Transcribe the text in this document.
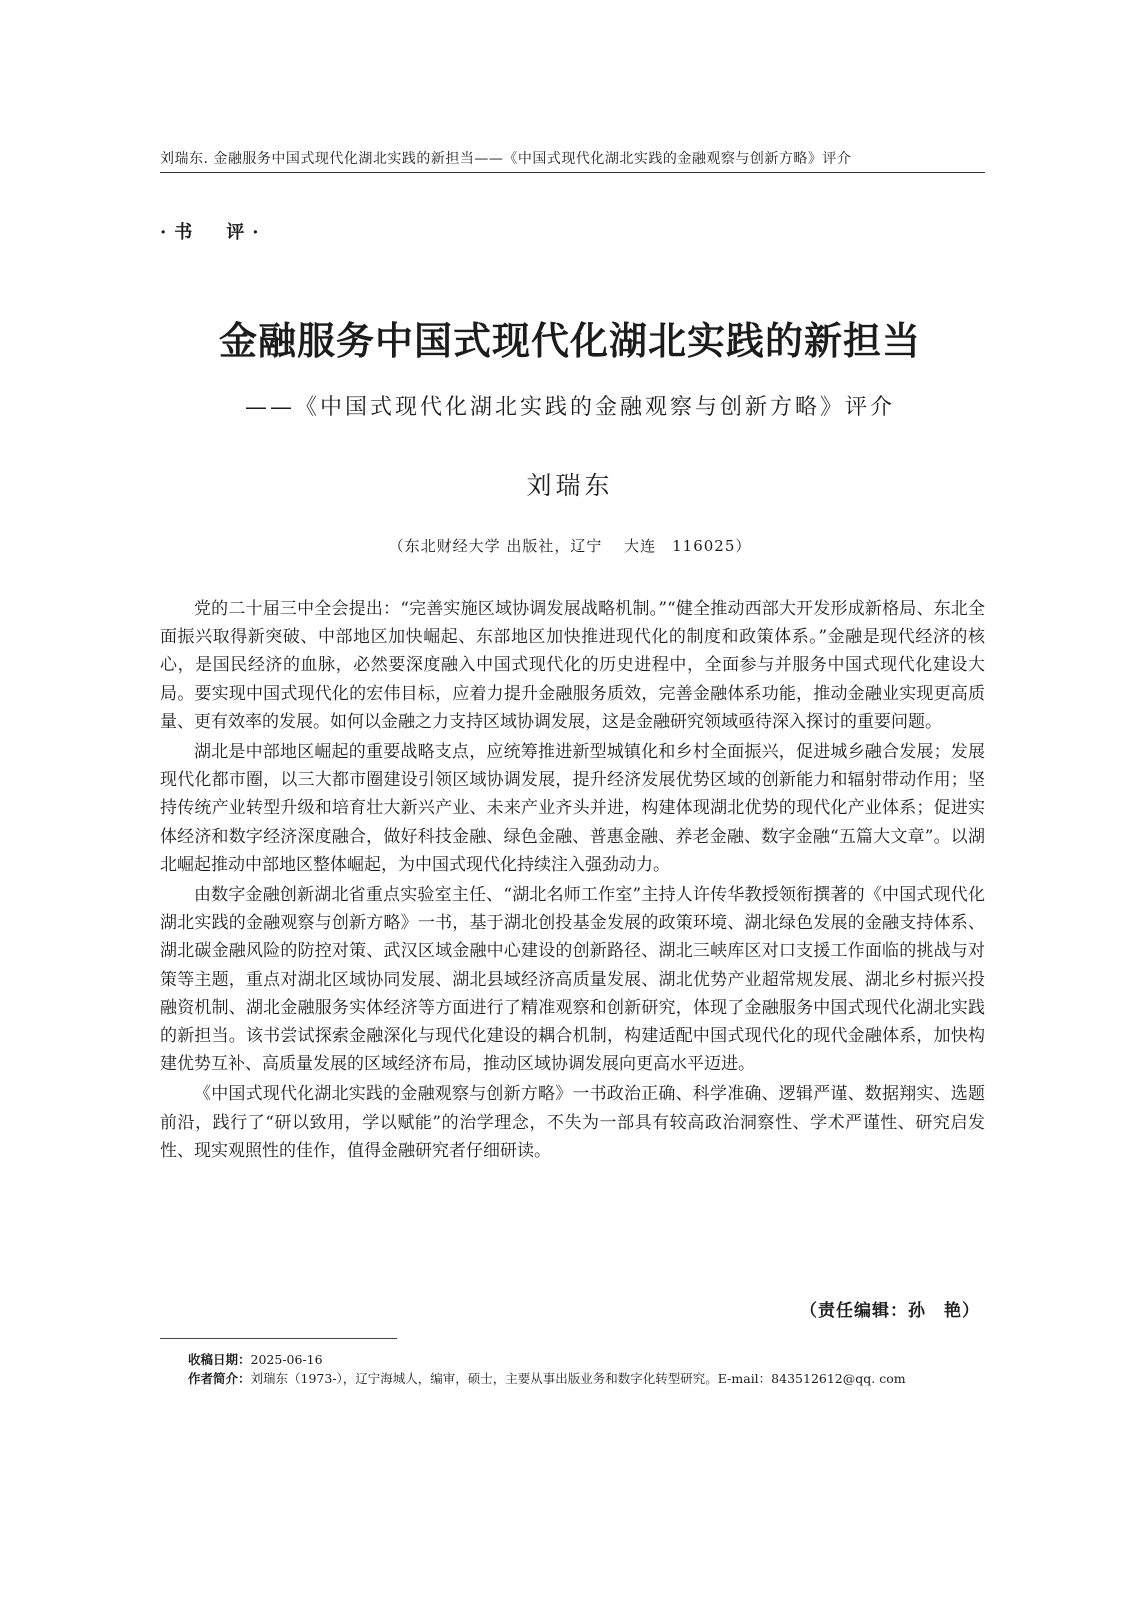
刘瑞东. 金融服务中国式现代化湖北实践的新担当——《中国式现代化湖北实践的金融观察与创新方略》评介
·书　评·
金融服务中国式现代化湖北实践的新担当
——《中国式现代化湖北实践的金融观察与创新方略》评介
刘瑞东
（东北财经大学 出版社，辽宁　 大连　116025）

党的二十届三中全会提出：“完善实施区域协调发展战略机制。”“健全推动西部大开发形成新格局、东北全面振兴取得新突破、中部地区加快崛起、东部地区加快推进现代化的制度和政策体系。”金融是现代经济的核心，是国民经济的血脉，必然要深度融入中国式现代化的历史进程中，全面参与并服务中国式现代化建设大局。要实现中国式现代化的宏伟目标，应着力提升金融服务质效，完善金融体系功能，推动金融业实现更高质量、更有效率的发展。如何以金融之力支持区域协调发展，这是金融研究领域亟待深入探讨的重要问题。

湖北是中部地区崛起的重要战略支点，应统筹推进新型城镇化和乡村全面振兴，促进城乡融合发展；发展现代化都市圈，以三大都市圈建设引领区域协调发展，提升经济发展优势区域的创新能力和辐射带动作用；坚持传统产业转型升级和培育壮大新兴产业、未来产业齐头并进，构建体现湖北优势的现代化产业体系；促进实体经济和数字经济深度融合，做好科技金融、绿色金融、普惠金融、养老金融、数字金融“五篇大文章”。以湖北崛起推动中部地区整体崛起，为中国式现代化持续注入强劲动力。

由数字金融创新湖北省重点实验室主任、“湖北名师工作室”主持人许传华教授领衔撰著的《中国式现代化湖北实践的金融观察与创新方略》一书，基于湖北创投基金发展的政策环境、湖北绿色发展的金融支持体系、湖北碳金融风险的防控对策、武汉区域金融中心建设的创新路径、湖北三峡库区对口支援工作面临的挑战与对策等主题，重点对湖北区域协同发展、湖北县域经济高质量发展、湖北优势产业超常规发展、湖北乡村振兴投融资机制、湖北金融服务实体经济等方面进行了精准观察和创新研究，体现了金融服务中国式现代化湖北实践的新担当。该书尝试探索金融深化与现代化建设的耦合机制，构建适配中国式现代化的现代金融体系，加快构建优势互补、高质量发展的区域经济布局，推动区域协调发展向更高水平迈进。

《中国式现代化湖北实践的金融观察与创新方略》一书政治正确、科学准确、逻辑严谨、数据翔实、选题前沿，践行了“研以致用，学以赋能”的治学理念，不失为一部具有较高政治洞察性、学术严谨性、研究启发性、现实观照性的佳作，值得金融研究者仔细研读。

（责任编辑：孙　艳）
收稿日期：2025-06-16
作者简介：刘瑞东（1973-），辽宁海城人，编审，硕士，主要从事出版业务和数字化转型研究。E-mail：843512612@qq. com
